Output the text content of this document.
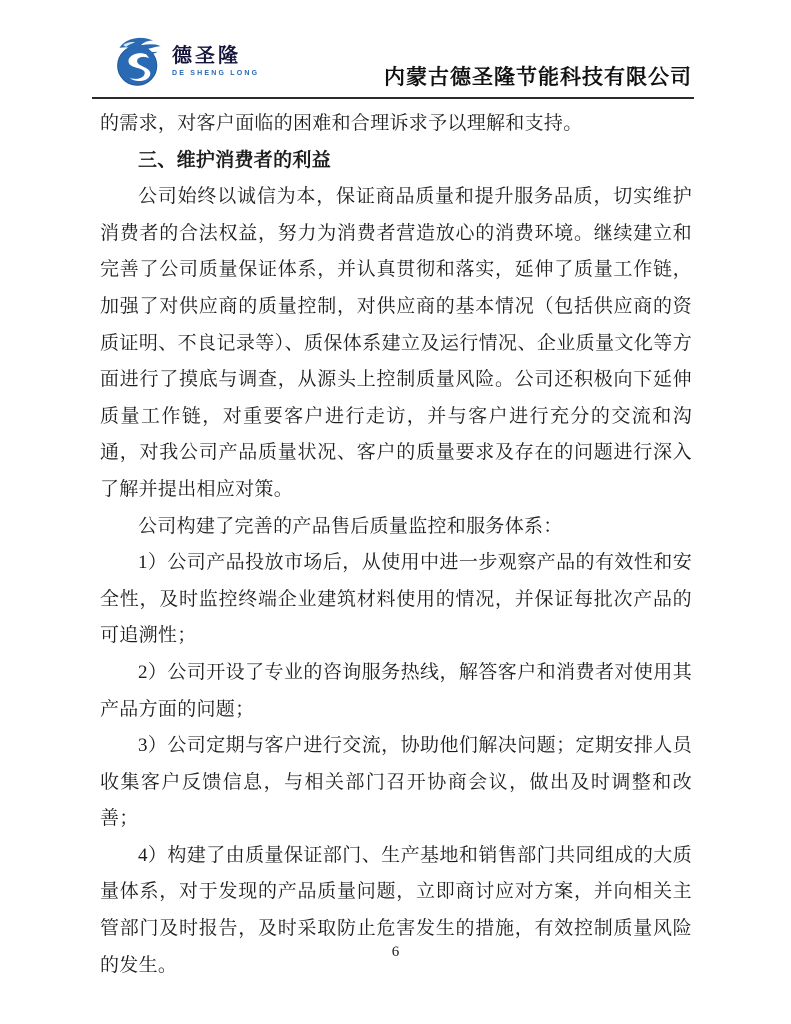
德圣隆
DE SHENG LONG	内蒙古德圣隆节能科技有限公司

的需求，对客户面临的困难和合理诉求予以理解和支持。

三、维护消费者的利益

公司始终以诚信为本，保证商品质量和提升服务品质，切实维护消费者的合法权益，努力为消费者营造放心的消费环境。继续建立和完善了公司质量保证体系，并认真贯彻和落实，延伸了质量工作链，加强了对供应商的质量控制，对供应商的基本情况（包括供应商的资质证明、不良记录等）、质保体系建立及运行情况、企业质量文化等方面进行了摸底与调查，从源头上控制质量风险。公司还积极向下延伸质量工作链，对重要客户进行走访，并与客户进行充分的交流和沟通，对我公司产品质量状况、客户的质量要求及存在的问题进行深入了解并提出相应对策。

公司构建了完善的产品售后质量监控和服务体系：

1）公司产品投放市场后，从使用中进一步观察产品的有效性和安全性，及时监控终端企业建筑材料使用的情况，并保证每批次产品的可追溯性；

2）公司开设了专业的咨询服务热线，解答客户和消费者对使用其产品方面的问题；

3）公司定期与客户进行交流，协助他们解决问题；定期安排人员收集客户反馈信息，与相关部门召开协商会议，做出及时调整和改善；

4）构建了由质量保证部门、生产基地和销售部门共同组成的大质量体系，对于发现的产品质量问题，立即商讨应对方案，并向相关主管部门及时报告，及时采取防止危害发生的措施，有效控制质量风险的发生。

6
